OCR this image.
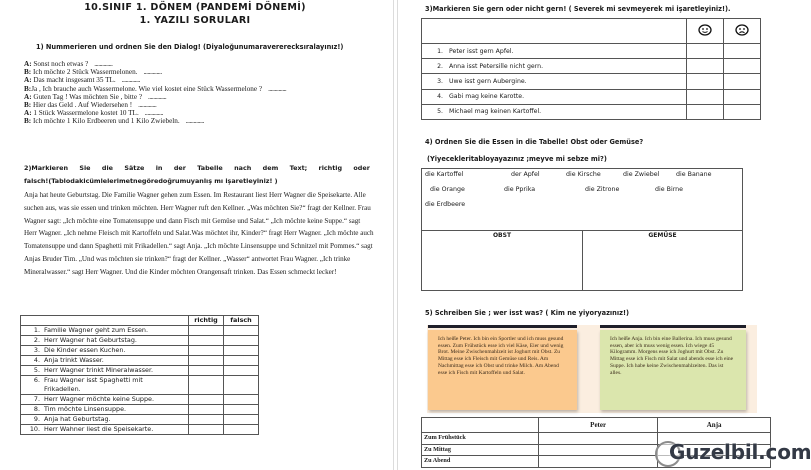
10.SINIF 1. DÖNEM (PANDEMİ DÖNEMİ)
1. YAZILI SORULARI
1) Nummerieren und ordnen Sie den Dialog! (Diyaloğunumaravererecksıralayınız!)
A: Sonst noch etwas ? ..............
B: Ich möchte 2 Stück Wassermelonen. ..............
A: Das macht insgesamt 35 TL. ..............
B:Ja , Ich brauche auch Wassermelone. Wie viel kostet eine Stück Wassermelone ? ..............
A: Guten Tag ! Was möchten Sie , bitte ? ..............
B: Hier das Geld . Auf Wiedersehen ! ..............
A: 1 Stück Wassermelone kostet 10 TL. ..............
B: Ich möchte 1 Kilo Erdbeeren und 1 Kilo Zwiebeln. ..............
2)Markieren Sie die Sätze in der Tabelle nach dem Text; richtig oder
falsch!(Tablodakicümlelerimetnegöredoğrumuyanlış mı işaretleyiniz! )
Anja hat heute Geburtstag. Die Familie Wagner gehen zum Essen. Im Restaurant liest Herr Wagner die Speisekarte. Alle suchen aus, was sie essen und trinken möchten. Herr Wagner ruft den Kellner. „Was möchten Sie?“ fragt der Kellner. Frau Wagner sagt: „Ich möchte eine Tomatensuppe und dann Fisch mit Gemüse und Salat.“ „Ich möchte keine Suppe.“ sagt Herr Wagner. „Ich nehme Fleisch mit Kartoffeln und Salat.Was möchtet ihr, Kinder?“ fragt Herr Wagner. „Ich möchte auch Tomatensuppe und dann Spaghetti mit Frikadellen.“ sagt Anja. „Ich möchte Linsensuppe und Schnitzel mit Pommes.“ sagt Anjas Bruder Tim. „Und was möchten sie trinken?“ fragt der Kellner. „Wasser“ antwortet Frau Wagner. „Ich trinke Mineralwasser.“ sagt Herr Wagner. Und die Kinder möchten Orangensaft trinken. Das Essen schmeckt lecker!
	richtig	falsch
1. Familie Wagner geht zum Essen.		
2. Herr Wagner hat Geburtstag.		
3. Die Kinder essen Kuchen.		
4. Anja trinkt Wasser.		
5. Herr Wagner trinkt Mineralwasser.		
6. Frau Wagner isst Spaghetti mit
Frikadellen.		
7. Herr Wagner möchte keine Suppe.		
8. Tim möchte Linsensuppe.		
9. Anja hat Geburtstag.		
10. Herr Wahner liest die Speisekarte.		
3)Markieren Sie gern oder nicht gern! ( Severek mi sevmeyerek mi işaretleyiniz!).

1. Peter isst gern Apfel.		
2. Anna isst Petersille nicht gern.		
3. Uwe isst gern Aubergine.		
4. Gabi mag keine Karotte.		
5. Michael mag keinen Kartoffel.		
4) Ordnen Sie die Essen in die Tabelle! Obst oder Gemüse?
(Yiyecekleritabloyayazınız ;meyve mi sebze mi?)
die Kartoffel	der Apfel	die Kirsche	die Zwiebel	die Banane
die Orange	die Pprika	die Zitrone	die Birne
die Erdbeere
OBST	GEMÜSE
5) Schreiben Sie ; wer isst was? ( Kim ne yiyoryazınız!)
Ich heiße Peter. Ich bin ein Sportler und ich muss gesund essen. Zum Frühstück esse ich viel Käse, Eier und wenig Brot. Meine Zwischenmahlzeit ist Joghurt mit Obst. Zu Mittag esse ich Fleisch mit Gemüse und Reis. Am Nachmittag esse ich Obst und trinke Milch. Am Abend esse ich Fisch mit Kartoffeln und Salat.
Ich heiße Anja. Ich bin eine Ballerina. Ich muss gesund essen, aber ich muss wenig essen. Ich wiege 45 Kilogramm. Morgens esse ich Joghurt mit Obst. Zu Mittag esse ich Fisch mit Salat und abends esse ich eine Suppe. Ich habe keine Zwischenmahlzeiten. Das ist alles.
	Peter	Anja
Zum Frühstück		
Zu Mittag		
Zu Abend			Guzelbil.com
